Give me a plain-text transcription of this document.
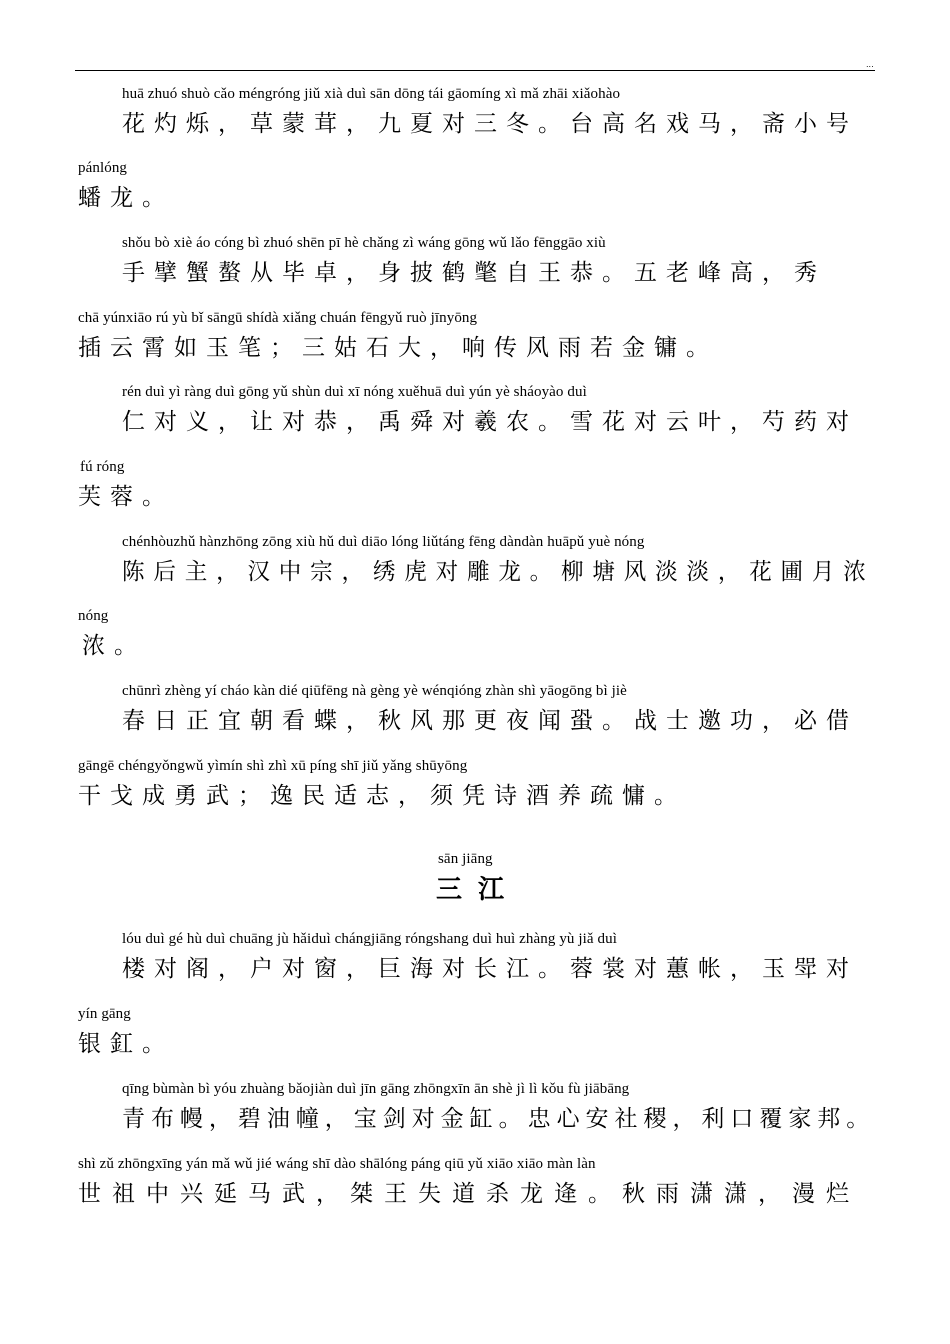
...
huā zhuó shuò cǎo méngróng jiǔ xià duì sān dōng tái gāomíng xì mǎ zhāi xiǎohào
花灼烁，草蒙茸，九夏对三冬。台高名戏马，斋小号
pánlóng
蟠龙。
shǒu bò xiè áo cóng bì zhuó shēn pī hè chǎng zì wáng gōng wǔ lǎo fēnggāo xiù
手擘蟹螯从毕卓，身披鹤氅自王恭。五老峰高，秀
chā yúnxiāo rú yù bǐ sāngū shídà xiǎng chuán fēngyǔ ruò jīnyōng
插云霄如玉笔；三姑石大，响传风雨若金镛。
rén duì yì ràng duì gōng yǔ shùn duì xī nóng xuěhuā duì yún yè sháoyào duì
仁对义，让对恭，禹舜对羲农。雪花对云叶，芍药对
fú róng
芙蓉。
chénhòuzhǔ hànzhōng zōng xiù hǔ duì diāo lóng liǔtáng fēng dàndàn huāpǔ yuè nóng
陈后主，汉中宗，绣虎对雕龙。柳塘风淡淡，花圃月浓
nóng
浓。
chūnrì zhèng yí cháo kàn dié qiūfēng nà gèng yè wénqióng zhàn shì yāogōng bì jiè
春日正宜朝看蝶，秋风那更夜闻蛩。战士邀功，必借
gāngē chéngyǒngwǔ yìmín shì zhì xū píng shī jiǔ yǎng shūyōng
干戈成勇武；逸民适志，须凭诗酒养疏慵。
sān jiāng
三江
lóu duì gé hù duì chuāng jù hǎiduì chángjiāng róngshang duì huì zhàng yù jiǎ duì
楼对阁，户对窗，巨海对长江。蓉裳对蕙帐，玉斝对
yín gāng
银釭。
qīng bùmàn bì yóu zhuàng bǎojiàn duì jīn gāng zhōngxīn ān shè jì lì kǒu fù jiābāng
青布幔，碧油幢，宝剑对金缸。忠心安社稷，利口覆家邦。
shì zǔ zhōngxīng yán mǎ wǔ jié wáng shī dào shālóng páng qiū yǔ xiāo xiāo màn làn
世祖中兴延马武，桀王失道杀龙逄。秋雨潇潇，漫烂
